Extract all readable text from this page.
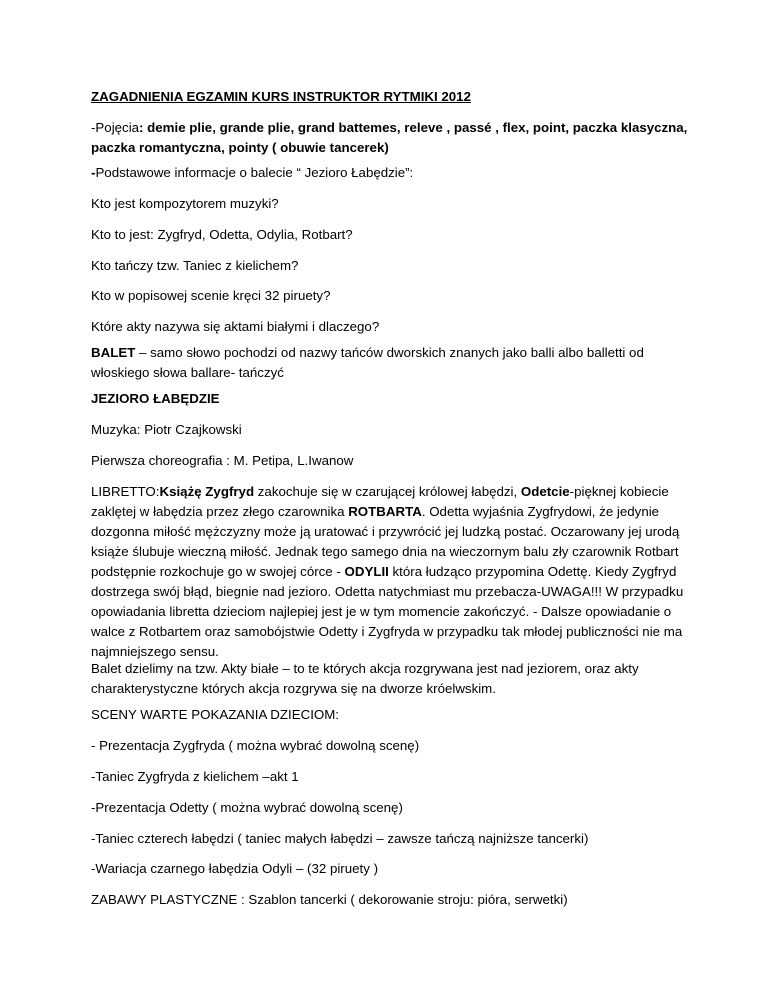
ZAGADNIENIA EGZAMIN KURS INSTRUKTOR RYTMIKI 2012

-Pojęcia: demie plie, grande plie, grand battemes, releve , passé , flex, point, paczka klasyczna,
paczka romantyczna, pointy ( obuwie tancerek)

-Podstawowe informacje o balecie “ Jezioro Łabędzie”:

Kto jest kompozytorem muzyki?

Kto to jest: Zygfryd, Odetta, Odylia, Rotbart?

Kto tańczy tzw. Taniec z kielichem?

Kto w popisowej scenie kręci 32 piruety?

Które akty nazywa się aktami białymi i dlaczego?

BALET – samo słowo pochodzi od nazwy tańców dworskich znanych jako balli albo balletti od
włoskiego słowa ballare- tańczyć

JEZIORO ŁABĘDZIE

Muzyka: Piotr Czajkowski

Pierwsza choreografia : M. Petipa, L.Iwanow

LIBRETTO:Książę Zygfryd zakochuje się w czarującej królowej łabędzi, Odetcie-pięknej kobiecie
zaklętej w łabędzia przez złego czarownika ROTBARTA. Odetta wyjaśnia Zygfrydowi, że jedynie
dozgonna miłość mężczyzny może ją uratować i przywrócić jej ludzką postać. Oczarowany jej urodą
książe ślubuje wieczną miłość. Jednak tego samego dnia na wieczornym balu zły czarownik Rotbart
podstępnie rozkochuje go w swojej córce - ODYLII która łudząco przypomina Odettę. Kiedy Zygfryd
dostrzega swój błąd, biegnie nad jezioro. Odetta natychmiast mu przebacza-UWAGA!!! W przypadku
opowiadania libretta dzieciom najlepiej jest je w tym momencie zakończyć. - Dalsze opowiadanie o
walce z Rotbartem oraz samobójstwie Odetty i Zygfryda w przypadku tak młodej publiczności nie ma
najmniejszego sensu.

Balet dzielimy na tzw. Akty białe – to te których akcja rozgrywana jest nad jeziorem, oraz akty
charakterystyczne których akcja rozgrywa się na dworze króelwskim.

SCENY WARTE POKAZANIA DZIECIOM:

- Prezentacja Zygfryda ( można wybrać dowolną scenę)

-Taniec Zygfryda z kielichem –akt 1

-Prezentacja Odetty ( można wybrać dowolną scenę)

-Taniec czterech łabędzi ( taniec małych łabędzi – zawsze tańczą najniższe tancerki)

-Wariacja czarnego łabędzia Odyli – (32 piruety )

ZABAWY PLASTYCZNE : Szablon tancerki ( dekorowanie stroju: pióra, serwetki)
